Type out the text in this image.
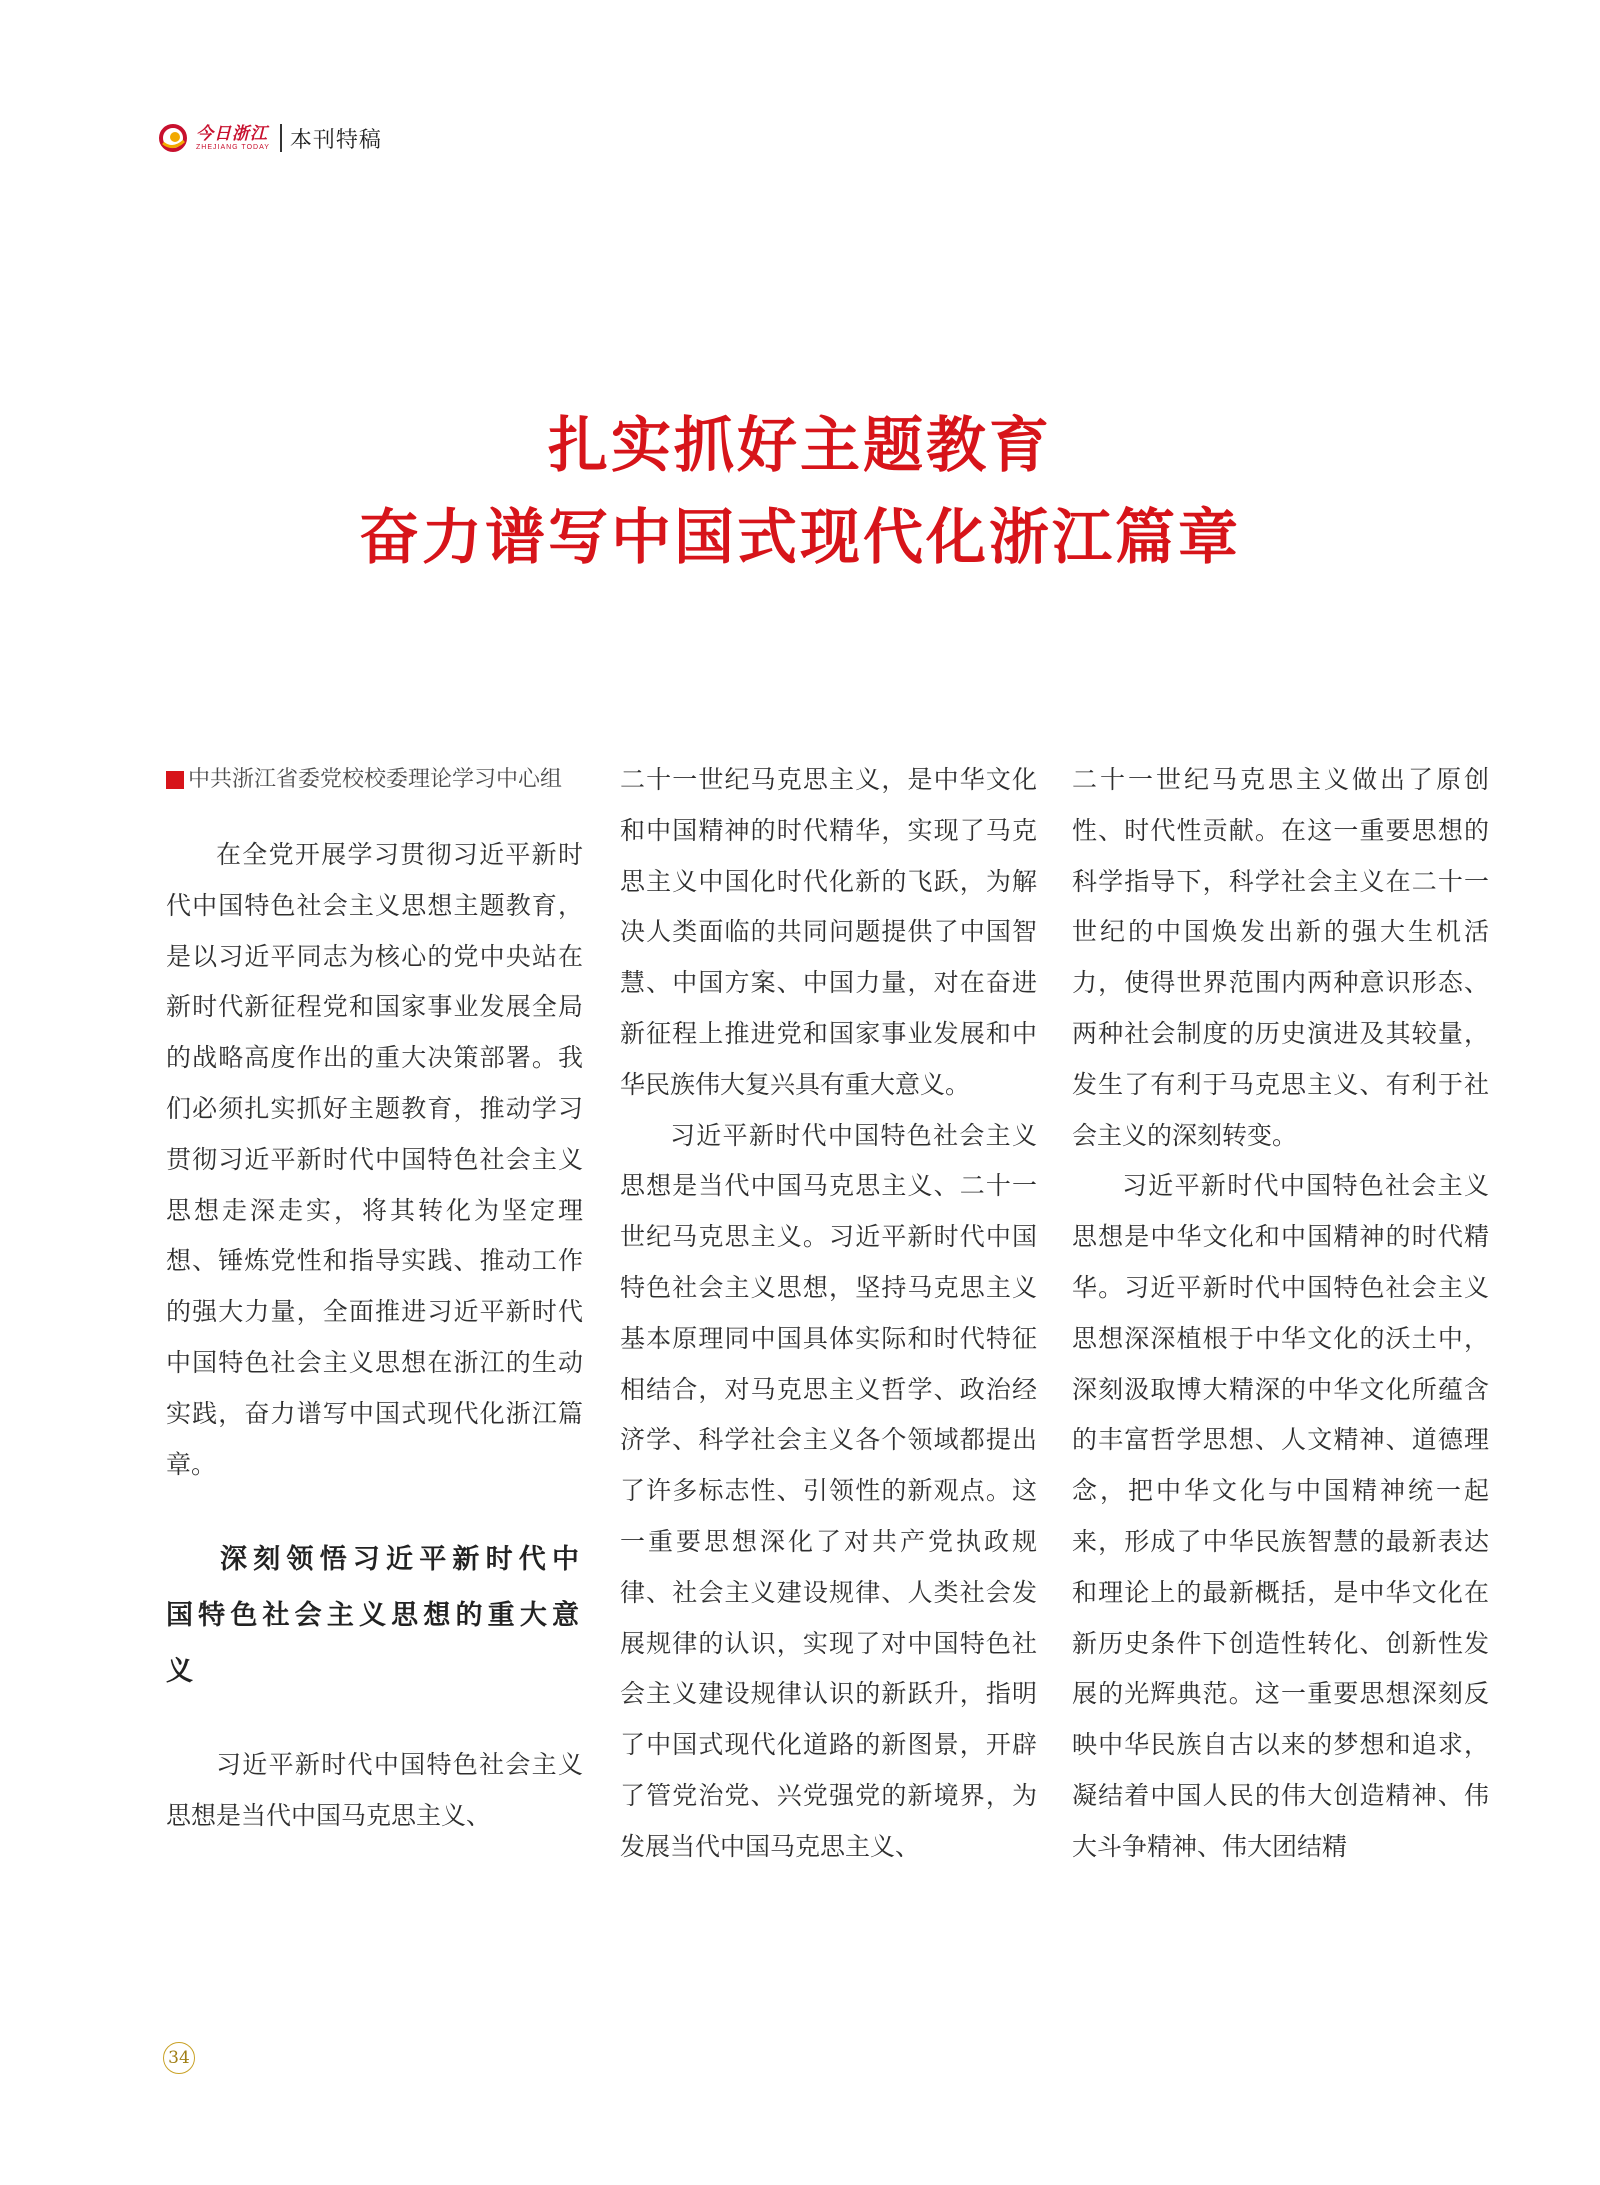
今日浙江
ZHEJIANG TODAY 本刊特稿
扎实抓好主题教育
奋力谱写中国式现代化浙江篇章
中共浙江省委党校校委理论学习中心组

在全党开展学习贯彻习近平新时代中国特色社会主义思想主题教育，是以习近平同志为核心的党中央站在新时代新征程党和国家事业发展全局的战略高度作出的重大决策部署。我们必须扎实抓好主题教育，推动学习贯彻习近平新时代中国特色社会主义思想走深走实，将其转化为坚定理想、锤炼党性和指导实践、推动工作的强大力量，全面推进习近平新时代中国特色社会主义思想在浙江的生动实践，奋力谱写中国式现代化浙江篇章。

深刻领悟习近平新时代中国特色社会主义思想的重大意义

习近平新时代中国特色社会主义思想是当代中国马克思主义、

二十一世纪马克思主义，是中华文化和中国精神的时代精华，实现了马克思主义中国化时代化新的飞跃，为解决人类面临的共同问题提供了中国智慧、中国方案、中国力量，对在奋进新征程上推进党和国家事业发展和中华民族伟大复兴具有重大意义。

习近平新时代中国特色社会主义思想是当代中国马克思主义、二十一世纪马克思主义。习近平新时代中国特色社会主义思想，坚持马克思主义基本原理同中国具体实际和时代特征相结合，对马克思主义哲学、政治经济学、科学社会主义各个领域都提出了许多标志性、引领性的新观点。这一重要思想深化了对共产党执政规律、社会主义建设规律、人类社会发展规律的认识，实现了对中国特色社会主义建设规律认识的新跃升，指明了中国式现代化道路的新图景，开辟了管党治党、兴党强党的新境界，为发展当代中国马克思主义、

二十一世纪马克思主义做出了原创性、时代性贡献。在这一重要思想的科学指导下，科学社会主义在二十一世纪的中国焕发出新的强大生机活力，使得世界范围内两种意识形态、两种社会制度的历史演进及其较量，发生了有利于马克思主义、有利于社会主义的深刻转变。

习近平新时代中国特色社会主义思想是中华文化和中国精神的时代精华。习近平新时代中国特色社会主义思想深深植根于中华文化的沃土中，深刻汲取博大精深的中华文化所蕴含的丰富哲学思想、人文精神、道德理念，把中华文化与中国精神统一起来，形成了中华民族智慧的最新表达和理论上的最新概括，是中华文化在新历史条件下创造性转化、创新性发展的光辉典范。这一重要思想深刻反映中华民族自古以来的梦想和追求，凝结着中国人民的伟大创造精神、伟大斗争精神、伟大团结精

34
